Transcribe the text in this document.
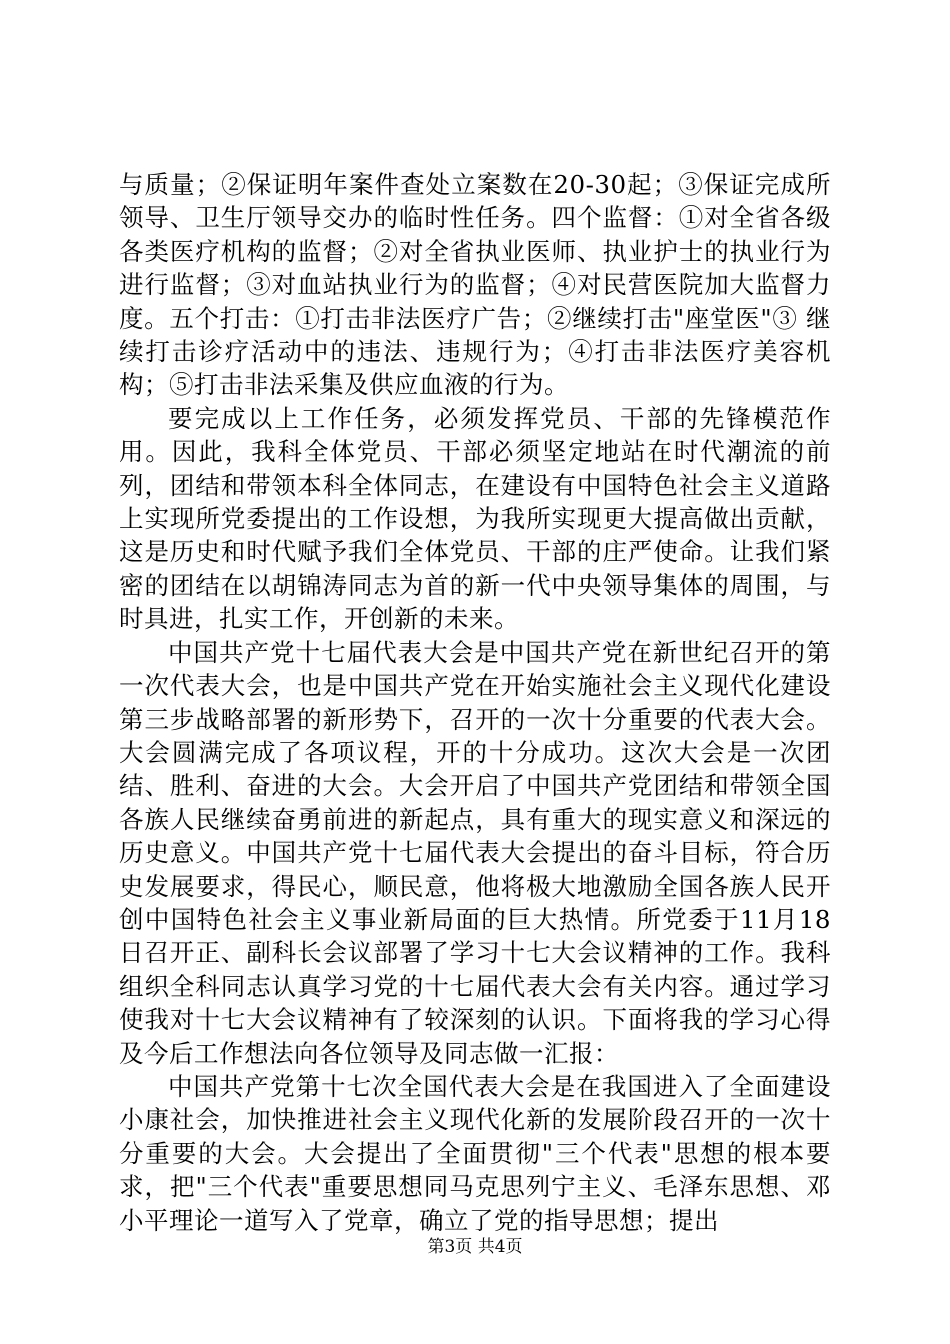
与质量；②保证明年案件查处立案数在20-30起；③保证完成所领导、卫生厅领导交办的临时性任务。四个监督：①对全省各级各类医疗机构的监督；②对全省执业医师、执业护士的执业行为进行监督；③对血站执业行为的监督；④对民营医院加大监督力度。五个打击：①打击非法医疗广告；②继续打击"座堂医"③ 继续打击诊疗活动中的违法、违规行为；④打击非法医疗美容机构；⑤打击非法采集及供应血液的行为。

要完成以上工作任务，必须发挥党员、干部的先锋模范作用。因此，我科全体党员、干部必须坚定地站在时代潮流的前列，团结和带领本科全体同志，在建设有中国特色社会主义道路上实现所党委提出的工作设想，为我所实现更大提高做出贡献，这是历史和时代赋予我们全体党员、干部的庄严使命。让我们紧密的团结在以胡锦涛同志为首的新一代中央领导集体的周围，与时具进，扎实工作，开创新的未来。

中国共产党十七届代表大会是中国共产党在新世纪召开的第一次代表大会，也是中国共产党在开始实施社会主义现代化建设第三步战略部署的新形势下，召开的一次十分重要的代表大会。大会圆满完成了各项议程，开的十分成功。这次大会是一次团结、胜利、奋进的大会。大会开启了中国共产党团结和带领全国各族人民继续奋勇前进的新起点，具有重大的现实意义和深远的历史意义。中国共产党十七届代表大会提出的奋斗目标，符合历史发展要求，得民心，顺民意，他将极大地激励全国各族人民开创中国特色社会主义事业新局面的巨大热情。所党委于11月18日召开正、副科长会议部署了学习十七大会议精神的工作。我科组织全科同志认真学习党的十七届代表大会有关内容。通过学习使我对十七大会议精神有了较深刻的认识。下面将我的学习心得及今后工作想法向各位领导及同志做一汇报：

中国共产党第十七次全国代表大会是在我国进入了全面建设小康社会，加快推进社会主义现代化新的发展阶段召开的一次十分重要的大会。大会提出了全面贯彻"三个代表"思想的根本要求，把"三个代表"重要思想同马克思列宁主义、毛泽东思想、邓小平理论一道写入了党章，确立了党的指导思想；提出

第3页 共4页
